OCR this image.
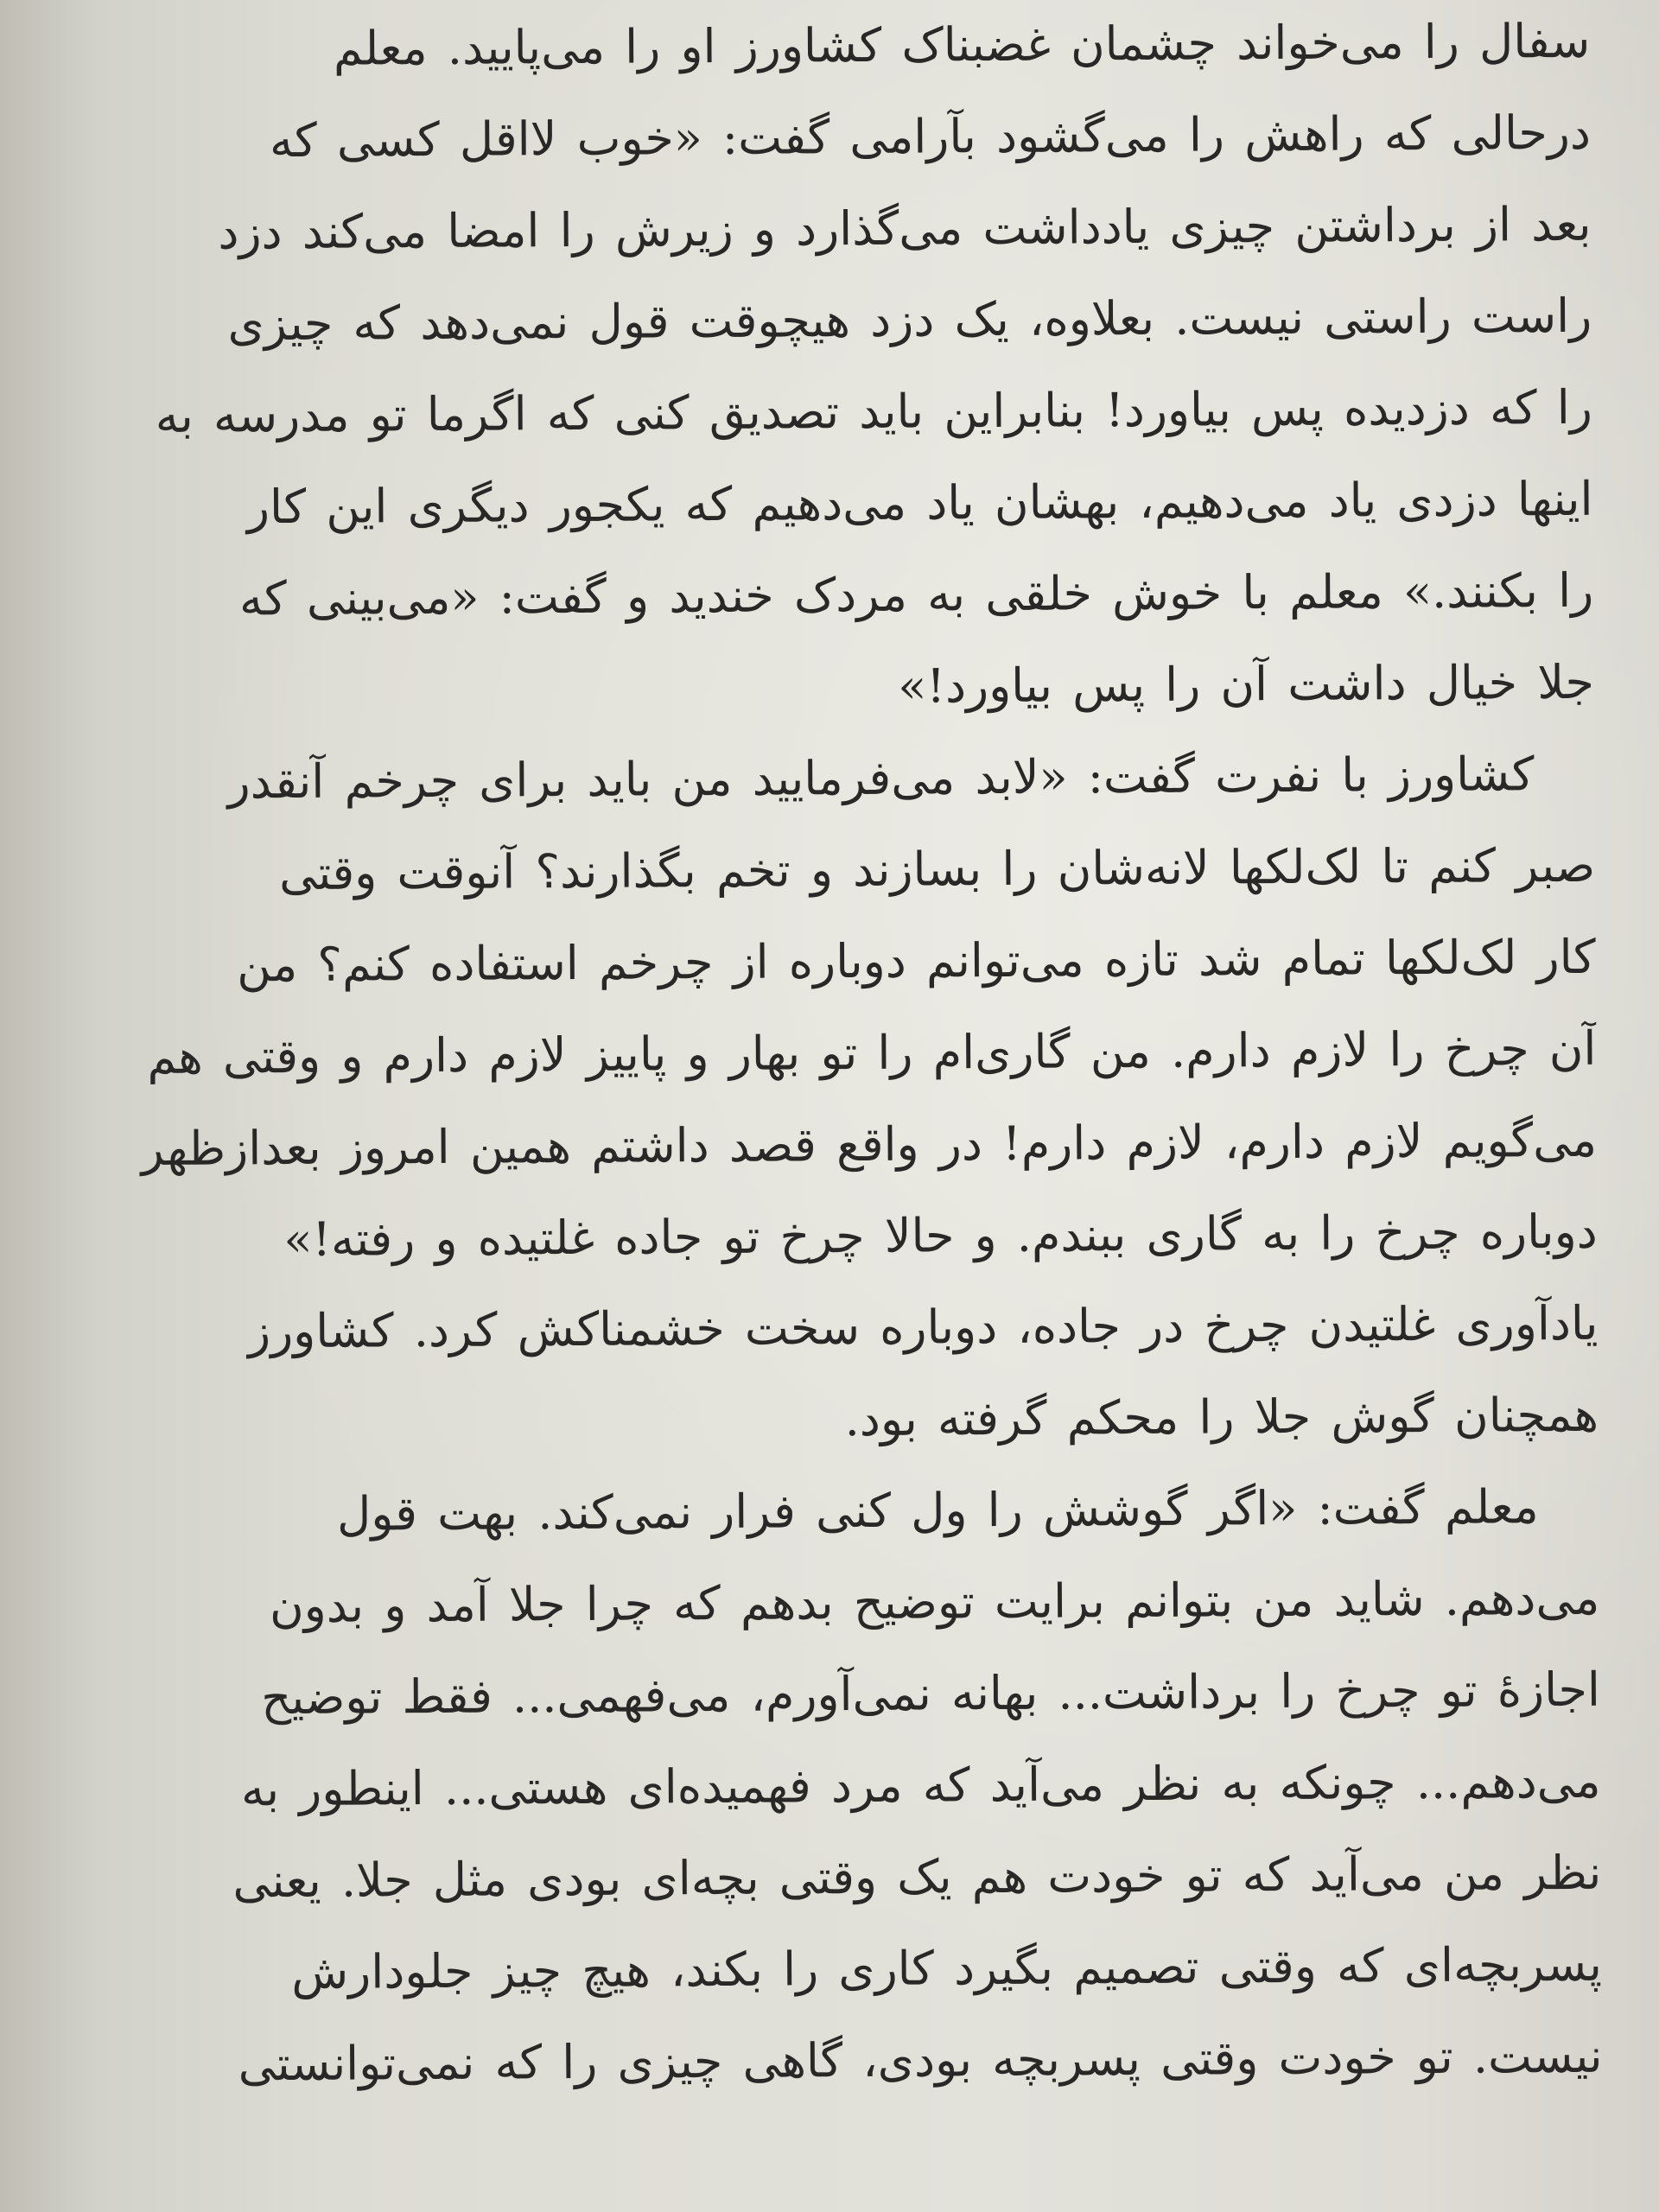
سفال را می‌خواند چشمان غضبناک کشاورز او را می‌پایید. معلم
درحالی که راهش را می‌گشود بآرامی گفت: «خوب لااقل کسی که
بعد از برداشتن چیزی یادداشت می‌گذارد و زیرش را امضا می‌کند دزد
راست راستی نیست. بعلاوه، یک دزد هیچوقت قول نمی‌دهد که چیزی
را که دزدیده پس بیاورد! بنابراین باید تصدیق کنی که اگرما تو مدرسه به
اینها دزدی یاد می‌دهیم، بهشان یاد می‌دهیم که یکجور دیگری این کار
را بکنند.» معلم با خوش خلقی به مردک خندید و گفت: «می‌بینی که
جلا خیال داشت آن را پس بیاورد!»
کشاورز با نفرت گفت: «لابد می‌فرمایید من باید برای چرخم آنقدر
صبر کنم تا لک‌لکها لانه‌شان را بسازند و تخم بگذارند؟ آنوقت وقتی
کار لک‌لکها تمام شد تازه می‌توانم دوباره از چرخم استفاده کنم؟ من
آن چرخ را لازم دارم. من گاری‌ام را تو بهار و پاییز لازم دارم و وقتی هم
می‌گویم لازم دارم، لازم دارم! در واقع قصد داشتم همین امروز بعدازظهر
دوباره چرخ را به گاری ببندم. و حالا چرخ تو جاده غلتیده و رفته!»
یادآوری غلتیدن چرخ در جاده، دوباره سخت خشمناکش کرد. کشاورز
همچنان گوش جلا را محکم گرفته بود.
معلم گفت: «اگر گوشش را ول کنی فرار نمی‌کند. بهت قول
می‌دهم. شاید من بتوانم برایت توضیح بدهم که چرا جلا آمد و بدون
اجازهٔ تو چرخ را برداشت... بهانه نمی‌آورم، می‌فهمی... فقط توضیح
می‌دهم... چونکه به نظر می‌آید که مرد فهمیده‌ای هستی... اینطور به
نظر من می‌آید که تو خودت هم یک وقتی بچه‌ای بودی مثل جلا. یعنی
پسربچه‌ای که وقتی تصمیم بگیرد کاری را بکند، هیچ چیز جلودارش
نیست. تو خودت وقتی پسربچه بودی، گاهی چیزی را که نمی‌توانستی
